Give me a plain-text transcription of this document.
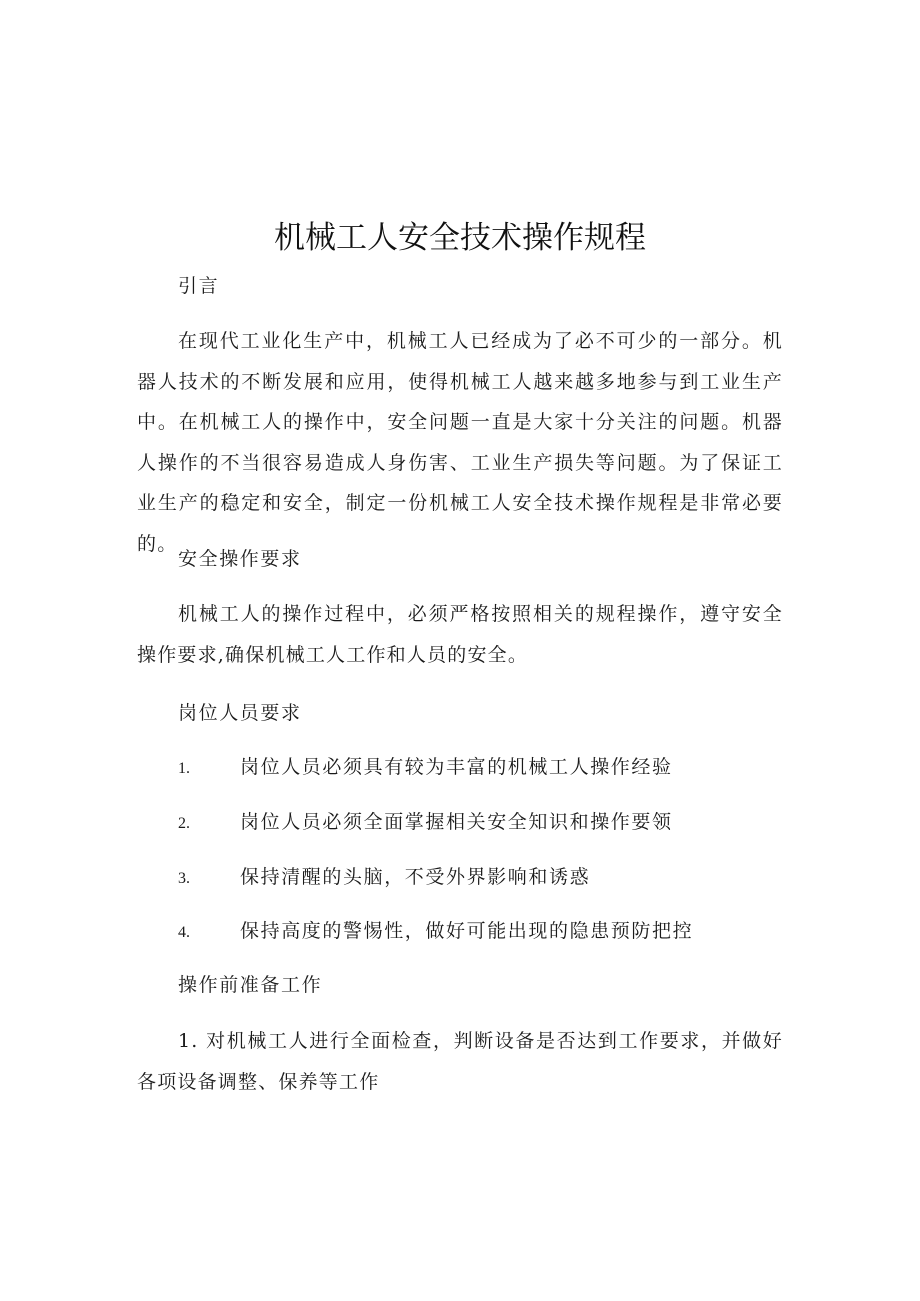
机械工人安全技术操作规程
引言
在现代工业化生产中，机械工人已经成为了必不可少的一部分。机器人技术的不断发展和应用，使得机械工人越来越多地参与到工业生产中。在机械工人的操作中，安全问题一直是大家十分关注的问题。机器人操作的不当很容易造成人身伤害、工业生产损失等问题。为了保证工业生产的稳定和安全，制定一份机械工人安全技术操作规程是非常必要的。
安全操作要求
机械工人的操作过程中，必须严格按照相关的规程操作，遵守安全操作要求,确保机械工人工作和人员的安全。
岗位人员要求
1.	岗位人员必须具有较为丰富的机械工人操作经验
2.	岗位人员必须全面掌握相关安全知识和操作要领
3.	保持清醒的头脑，不受外界影响和诱惑
4.	保持高度的警惕性，做好可能出现的隐患预防把控
操作前准备工作
1. 对机械工人进行全面检查，判断设备是否达到工作要求，并做好各项设备调整、保养等工作
